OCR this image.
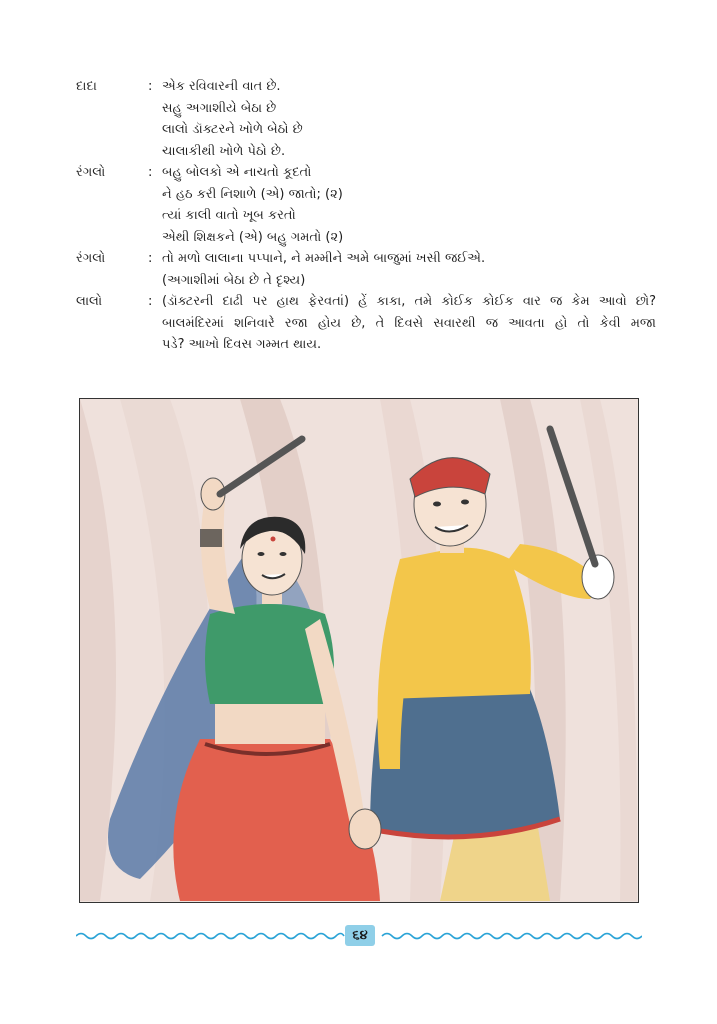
દાદા	: એક રવિવારની વાત છે.
સહુ અગાશીયે બેઠા છે
લાલો ડૉક્ટરને ખોળે બેઠો છે
ચાલાકીથી ખોળે પેઠો છે.
રંગલો	: બહુ બોલકો એ નાચતો કૂદતો
ને હઠ કરી નિશાળે (એ) જાતો; (૨)
ત્યાં કાલી વાતો ખૂબ કરતો
એથી શિક્ષકને (એ) બહુ ગમતો (૨)
રંગલો	: તો મળો લાલાના પપ્પાને, ને મમ્મીને અમે બાજુમાં ખસી જઈએ.
(અગાશીમાં બેઠા છે તે દૃશ્ય)
લાલો	: (ડૉક્ટરની દાઢી પર હાથ ફેરવતાં) હેં કાકા, તમે કોઈક કોઈક વાર જ કેમ આવો છો?
બાલમંદિરમાં શનિવારે રજા હોય છે, તે દિવસે સવારથી જ આવતા હો તો કેવી મજા
પડે? આખો દિવસ ગમ્મત થાય.
૬૪
